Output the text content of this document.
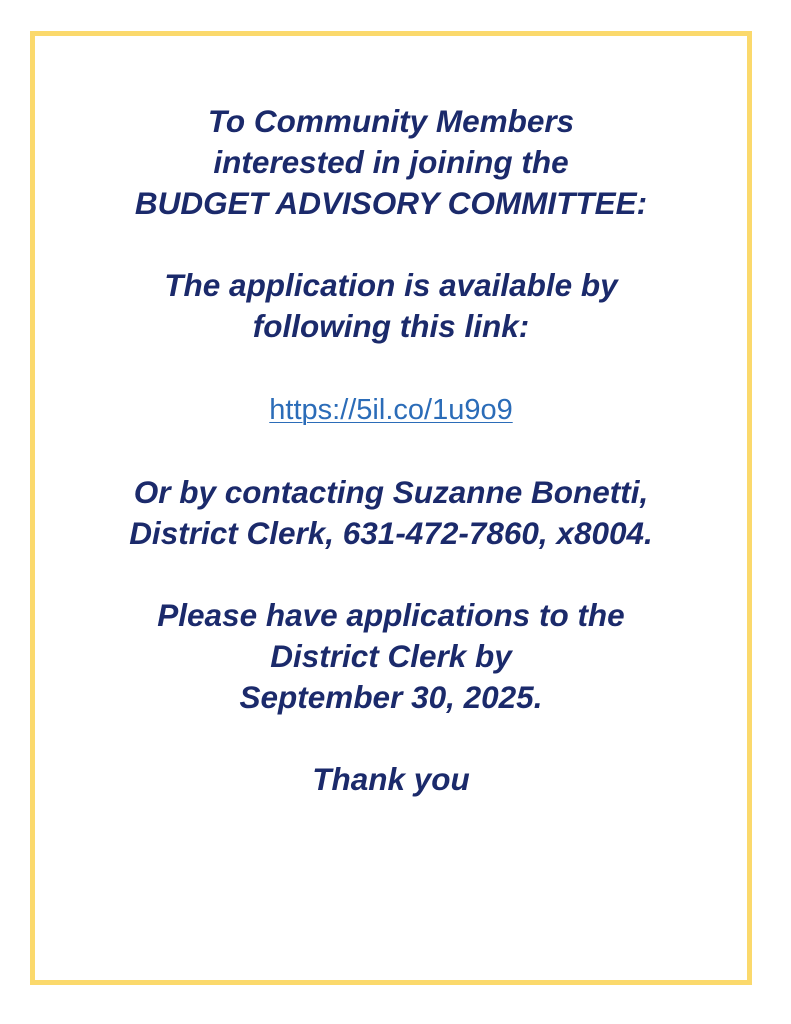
To Community Members
interested in joining the
BUDGET ADVISORY COMMITTEE:

The application is available by
following this link:

https://5il.co/1u9o9

Or by contacting Suzanne Bonetti,
District Clerk, 631-472-7860, x8004.

Please have applications to the
District Clerk by
September 30, 2025.

Thank you
